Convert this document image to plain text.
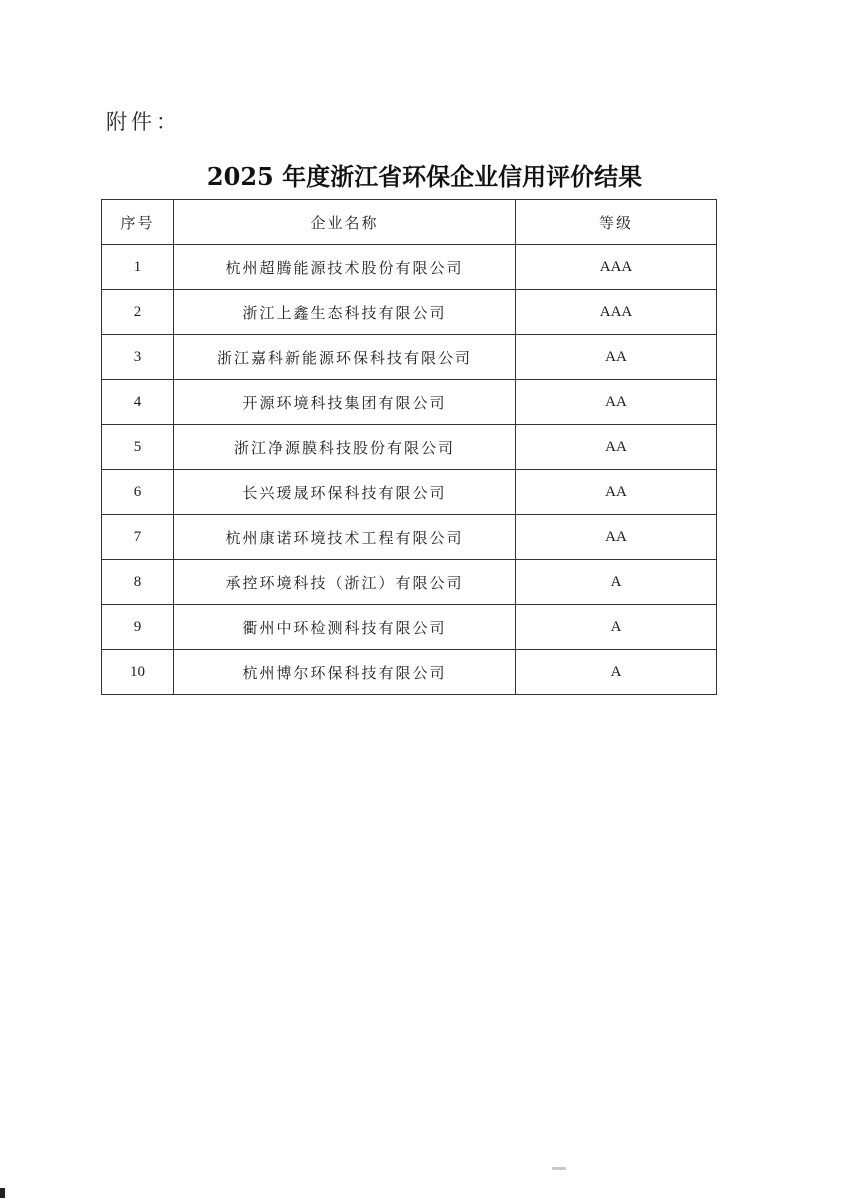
附件：
2025 年度浙江省环保企业信用评价结果
序号	企业名称	等级
1	杭州超腾能源技术股份有限公司	AAA
2	浙江上鑫生态科技有限公司	AAA
3	浙江嘉科新能源环保科技有限公司	AA
4	开源环境科技集团有限公司	AA
5	浙江净源膜科技股份有限公司	AA
6	长兴瑷晟环保科技有限公司	AA
7	杭州康诺环境技术工程有限公司	AA
8	承控环境科技（浙江）有限公司	A
9	衢州中环检测科技有限公司	A
10	杭州博尔环保科技有限公司	A
